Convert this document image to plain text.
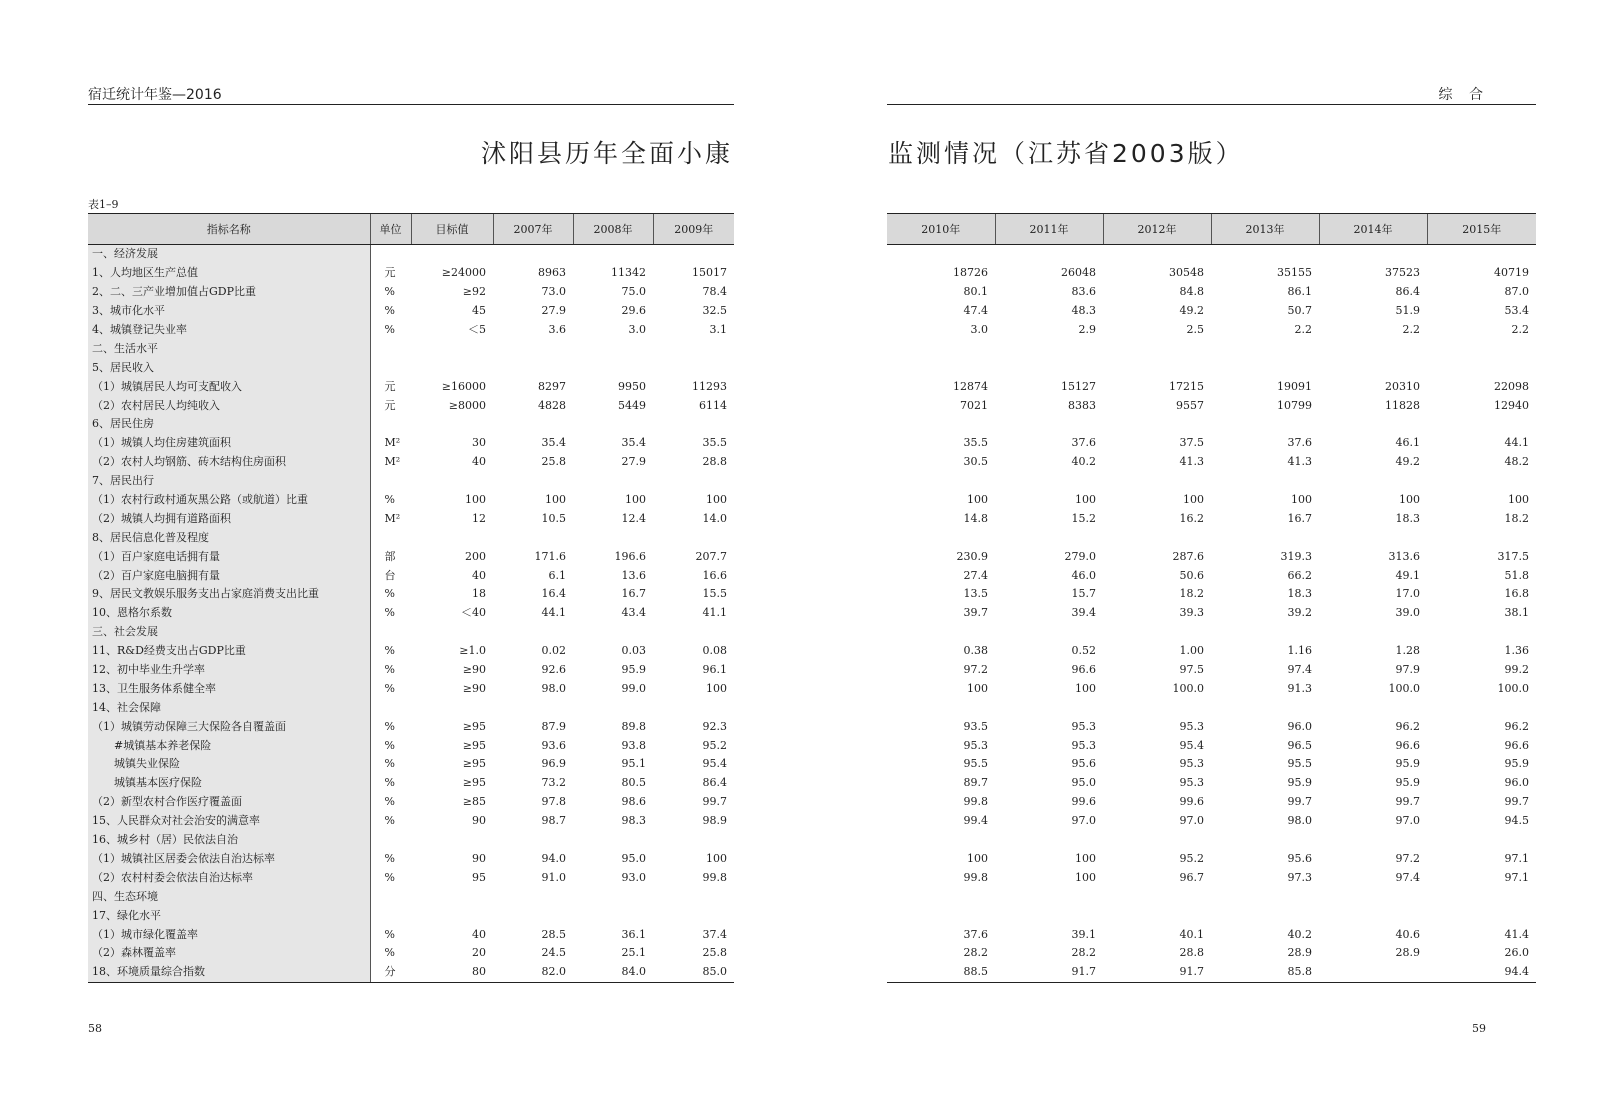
宿迁统计年鉴—2016	综 合
沭阳县历年全面小康	监测情况（江苏省2003版）
表1–9
指标名称	单位	目标值	2007年	2008年	2009年
一、经济发展					
1、人均地区生产总值	元	≥24000	8963	11342	15017
2、二、三产业增加值占GDP比重	%	≥92	73.0	75.0	78.4
3、城市化水平	%	45	27.9	29.6	32.5
4、城镇登记失业率	%	＜5	3.6	3.0	3.1
二、生活水平					
5、居民收入					
（1）城镇居民人均可支配收入	元	≥16000	8297	9950	11293
（2）农村居民人均纯收入	元	≥8000	4828	5449	6114
6、居民住房					
（1）城镇人均住房建筑面积	M²	30	35.4	35.4	35.5
（2）农村人均钢筋、砖木结构住房面积	M²	40	25.8	27.9	28.8
7、居民出行					
（1）农村行政村通灰黑公路（或航道）比重	%	100	100	100	100
（2）城镇人均拥有道路面积	M²	12	10.5	12.4	14.0
8、居民信息化普及程度					
（1）百户家庭电话拥有量	部	200	171.6	196.6	207.7
（2）百户家庭电脑拥有量	台	40	6.1	13.6	16.6
9、居民文教娱乐服务支出占家庭消费支出比重	%	18	16.4	16.7	15.5
10、恩格尔系数	%	＜40	44.1	43.4	41.1
三、社会发展					
11、R&D经费支出占GDP比重	%	≥1.0	0.02	0.03	0.08
12、初中毕业生升学率	%	≥90	92.6	95.9	96.1
13、卫生服务体系健全率	%	≥90	98.0	99.0	100
14、社会保障					
（1）城镇劳动保障三大保险各自覆盖面	%	≥95	87.9	89.8	92.3
　　#城镇基本养老保险	%	≥95	93.6	93.8	95.2
　　城镇失业保险	%	≥95	96.9	95.1	95.4
　　城镇基本医疗保险	%	≥95	73.2	80.5	86.4
（2）新型农村合作医疗覆盖面	%	≥85	97.8	98.6	99.7
15、人民群众对社会治安的满意率	%	90	98.7	98.3	98.9
16、城乡村（居）民依法自治					
（1）城镇社区居委会依法自治达标率	%	90	94.0	95.0	100
（2）农村村委会依法自治达标率	%	95	91.0	93.0	99.8
四、生态环境					
17、绿化水平					
（1）城市绿化覆盖率	%	40	28.5	36.1	37.4
（2）森林覆盖率	%	20	24.5	25.1	25.8
18、环境质量综合指数	分	80	82.0	84.0	85.0
2010年	2011年	2012年	2013年	2014年	2015年

18726	26048	30548	35155	37523	40719
80.1	83.6	84.8	86.1	86.4	87.0
47.4	48.3	49.2	50.7	51.9	53.4
3.0	2.9	2.5	2.2	2.2	2.2

12874	15127	17215	19091	20310	22098
7021	8383	9557	10799	11828	12940

35.5	37.6	37.5	37.6	46.1	44.1
30.5	40.2	41.3	41.3	49.2	48.2

100	100	100	100	100	100
14.8	15.2	16.2	16.7	18.3	18.2

230.9	279.0	287.6	319.3	313.6	317.5
27.4	46.0	50.6	66.2	49.1	51.8
13.5	15.7	18.2	18.3	17.0	16.8
39.7	39.4	39.3	39.2	39.0	38.1

0.38	0.52	1.00	1.16	1.28	1.36
97.2	96.6	97.5	97.4	97.9	99.2
100	100	100.0	91.3	100.0	100.0

93.5	95.3	95.3	96.0	96.2	96.2
95.3	95.3	95.4	96.5	96.6	96.6
95.5	95.6	95.3	95.5	95.9	95.9
89.7	95.0	95.3	95.9	95.9	96.0
99.8	99.6	99.6	99.7	99.7	99.7
99.4	97.0	97.0	98.0	97.0	94.5

100	100	95.2	95.6	97.2	97.1
99.8	100	96.7	97.3	97.4	97.1

37.6	39.1	40.1	40.2	40.6	41.4
28.2	28.2	28.8	28.9	28.9	26.0
88.5	91.7	91.7	85.8		94.4
58	59
